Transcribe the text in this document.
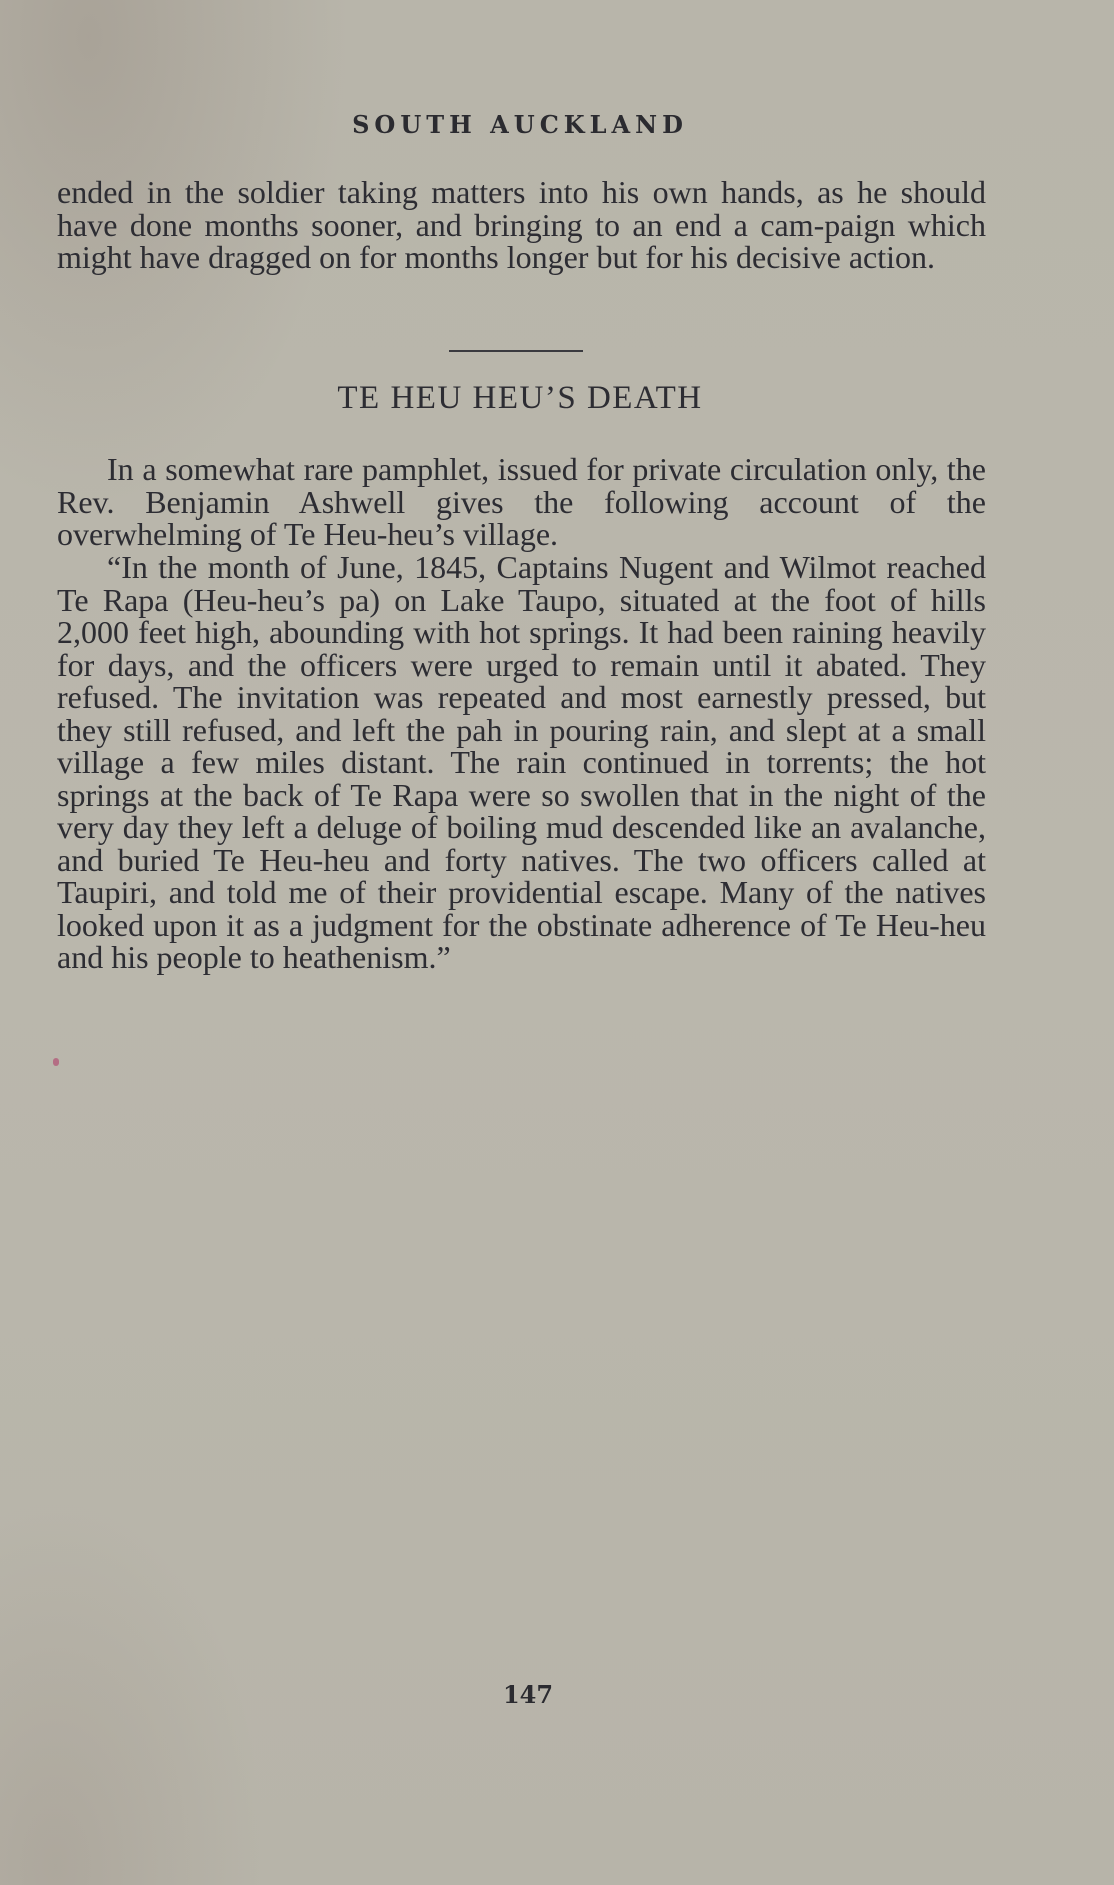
SOUTH AUCKLAND

ended in the soldier taking matters into his own hands, as he should have done months sooner, and bringing to an end a cam-paign which might have dragged on for months longer but for his decisive action.

TE HEU HEU’S DEATH

In a somewhat rare pamphlet, issued for private circulation only, the Rev. Benjamin Ashwell gives the following account of the overwhelming of Te Heu-heu’s village.

“In the month of June, 1845, Captains Nugent and Wilmot reached Te Rapa (Heu-heu’s pa) on Lake Taupo, situated at the foot of hills 2,000 feet high, abounding with hot springs. It had been raining heavily for days, and the officers were urged to remain until it abated. They refused. The invitation was repeated and most earnestly pressed, but they still refused, and left the pah in pouring rain, and slept at a small village a few miles distant. The rain continued in torrents; the hot springs at the back of Te Rapa were so swollen that in the night of the very day they left a deluge of boiling mud descended like an avalanche, and buried Te Heu-heu and forty natives. The two officers called at Taupiri, and told me of their providential escape. Many of the natives looked upon it as a judgment for the obstinate adherence of Te Heu-heu and his people to heathenism.”

147
